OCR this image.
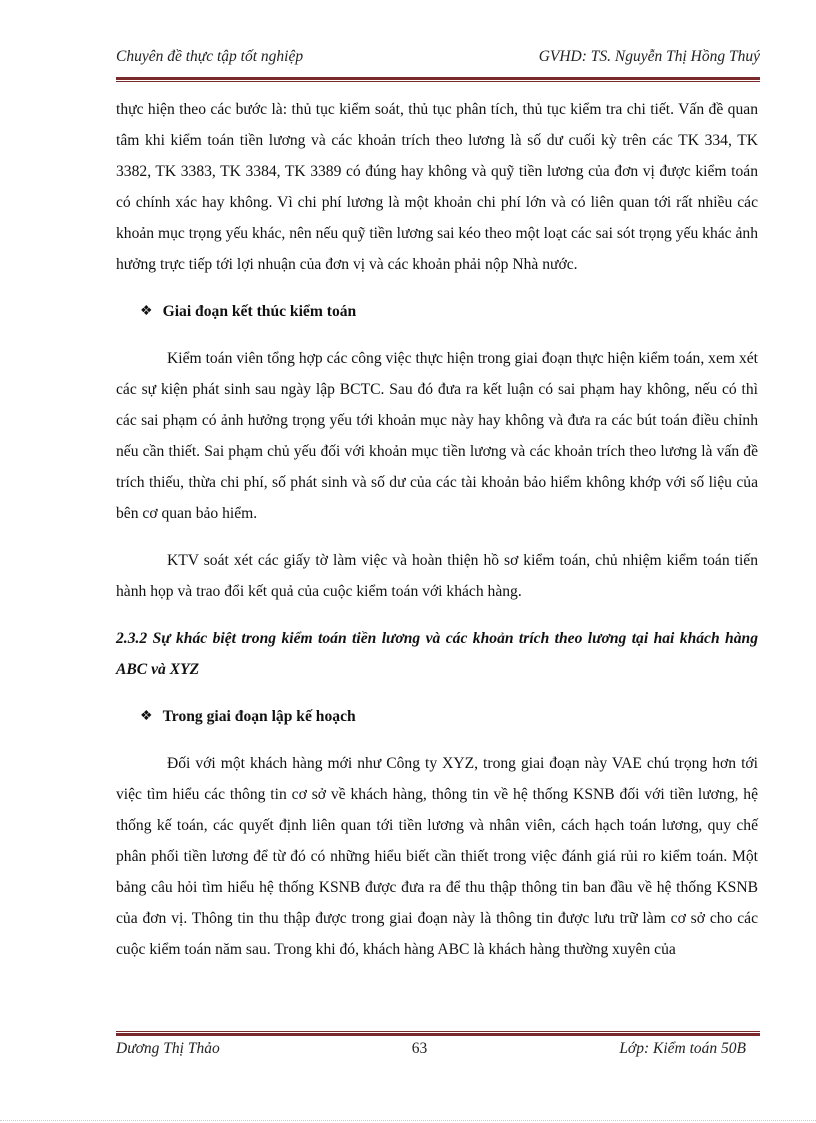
Chuyên đề thực tập tốt nghiệp	GVHD: TS. Nguyễn Thị Hồng Thuý

thực hiện theo các bước là: thủ tục kiểm soát, thủ tục phân tích, thủ tục kiểm tra chi tiết. Vấn đề quan tâm khi kiểm toán tiền lương và các khoản trích theo lương là số dư cuối kỳ trên các TK 334, TK 3382, TK 3383, TK 3384, TK 3389 có đúng hay không và quỹ tiền lương của đơn vị được kiểm toán có chính xác hay không. Vì chi phí lương là một khoản chi phí lớn và có liên quan tới rất nhiều các khoản mục trọng yếu khác, nên nếu quỹ tiền lương sai kéo theo một loạt các sai sót trọng yếu khác ảnh hưởng trực tiếp tới lợi nhuận của đơn vị và các khoản phải nộp Nhà nước.

❖ Giai đoạn kết thúc kiểm toán

Kiểm toán viên tổng hợp các công việc thực hiện trong giai đoạn thực hiện kiểm toán, xem xét các sự kiện phát sinh sau ngày lập BCTC. Sau đó đưa ra kết luận có sai phạm hay không, nếu có thì các sai phạm có ảnh hưởng trọng yếu tới khoản mục này hay không và đưa ra các bút toán điều chỉnh nếu cần thiết. Sai phạm chủ yếu đối với khoản mục tiền lương và các khoản trích theo lương là vấn đề trích thiếu, thừa chi phí, số phát sinh và số dư của các tài khoản bảo hiểm không khớp với số liệu của bên cơ quan bảo hiểm.

KTV soát xét các giấy tờ làm việc và hoàn thiện hồ sơ kiểm toán, chủ nhiệm kiểm toán tiến hành họp và trao đổi kết quả của cuộc kiểm toán với khách hàng.

2.3.2 Sự khác biệt trong kiểm toán tiền lương và các khoản trích theo lương tại hai khách hàng ABC và XYZ

❖ Trong giai đoạn lập kế hoạch

Đối với một khách hàng mới như Công ty XYZ, trong giai đoạn này VAE chú trọng hơn tới việc tìm hiểu các thông tin cơ sở về khách hàng, thông tin về hệ thống KSNB đối với tiền lương, hệ thống kế toán, các quyết định liên quan tới tiền lương và nhân viên, cách hạch toán lương, quy chế phân phối tiền lương để từ đó có những hiểu biết cần thiết trong việc đánh giá rủi ro kiểm toán. Một bảng câu hỏi tìm hiểu hệ thống KSNB được đưa ra để thu thập thông tin ban đầu về hệ thống KSNB của đơn vị. Thông tin thu thập được trong giai đoạn này là thông tin được lưu trữ làm cơ sở cho các cuộc kiểm toán năm sau. Trong khi đó, khách hàng ABC là khách hàng thường xuyên của

Dương Thị Thảo	63	Lớp: Kiểm toán 50B
